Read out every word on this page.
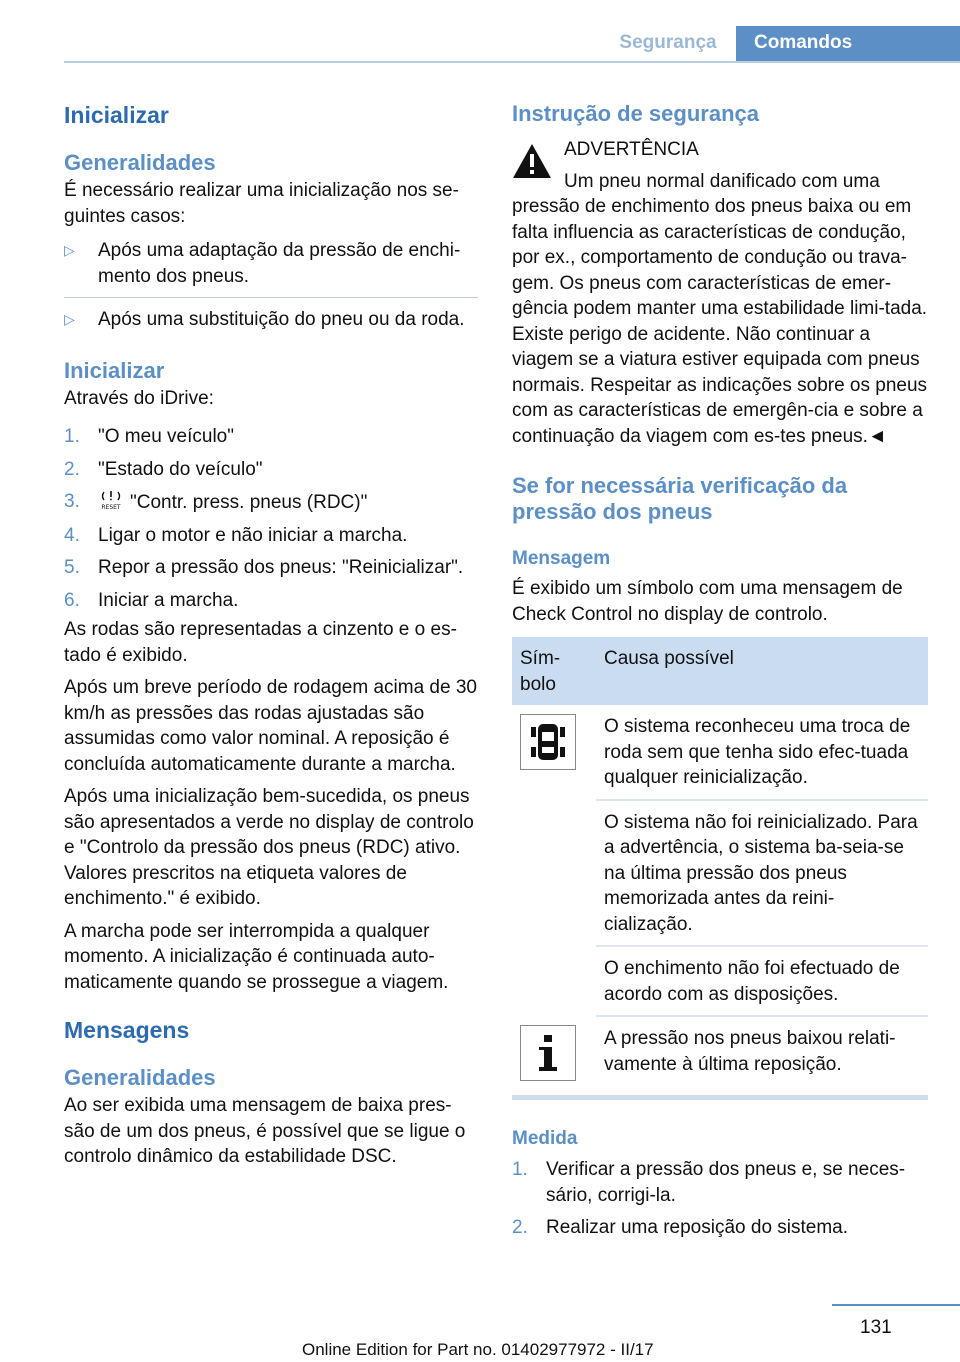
Segurança	Comandos
Inicializar
Generalidades

É necessário realizar uma inicialização nos se‐guintes casos:

▷ Após uma adaptação da pressão de enchi‐mento dos pneus.
▷ Após uma substituição do pneu ou da roda.
Inicializar

Através do iDrive:

1. "O meu veículo"
2. "Estado do veículo"
3.	RESET "Contr. press. pneus (RDC)"
4. Ligar o motor e não iniciar a marcha.
5. Repor a pressão dos pneus: "Reinicializar".
6. Iniciar a marcha.

As rodas são representadas a cinzento e o es‐tado é exibido.

Após um breve período de rodagem acima de 30 km/h as pressões das rodas ajustadas são assumidas como valor nominal. A reposição é concluída automaticamente durante a marcha.

Após uma inicialização bem-sucedida, os pneus são apresentados a verde no display de controlo e "Controlo da pressão dos pneus (RDC) ativo. Valores prescritos na etiqueta valores de enchimento." é exibido.

A marcha pode ser interrompida a qualquer momento. A inicialização é continuada auto‐maticamente quando se prossegue a viagem.

Mensagens
Generalidades

Ao ser exibida uma mensagem de baixa pres‐são de um dos pneus, é possível que se ligue o controlo dinâmico da estabilidade DSC.

Instrução de segurança
ADVERTÊNCIA
Um pneu normal danificado com uma

pressão de enchimento dos pneus baixa ou em falta influencia as características de condução, por ex., comportamento de condução ou trava‐gem. Os pneus com características de emer‐gência podem manter uma estabilidade limi‐tada. Existe perigo de acidente. Não continuar a viagem se a viatura estiver equipada com pneus normais. Respeitar as indicações sobre os pneus com as características de emergên‐cia e sobre a continuação da viagem com es‐tes pneus.◄

Se for necessária verificação da pressão dos pneus
Mensagem

É exibido um símbolo com uma mensagem de Check Control no display de controlo.

Sím‐bolo	Causa possível
	O sistema reconheceu uma troca de roda sem que tenha sido efec‐tuada qualquer reinicialização.
	O sistema não foi reinicializado. Para a advertência, o sistema ba‐seia-se na última pressão dos pneus memorizada antes da reini‐cialização.
	O enchimento não foi efectuado de acordo com as disposições.
	A pressão nos pneus baixou relati‐vamente à última reposição.
Medida
1. Verificar a pressão dos pneus e, se neces‐sário, corrigi-la.
2. Realizar uma reposição do sistema.
131
Online Edition for Part no. 01402977972 - II/17
